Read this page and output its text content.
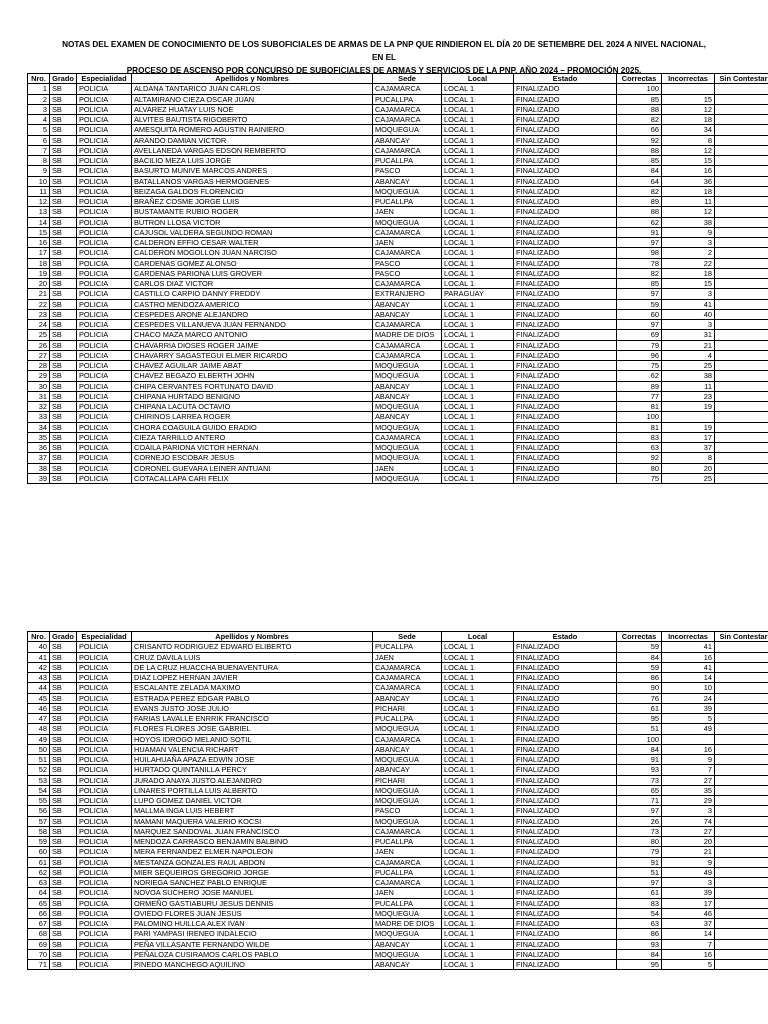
NOTAS DEL EXAMEN DE CONOCIMIENTO DE LOS SUBOFICIALES DE ARMAS DE LA PNP QUE RINDIERON EL DÍA 20 DE SETIEMBRE DEL 2024 A NIVEL NACIONAL, EN EL
PROCESO DE ASCENSO POR CONCURSO DE SUBOFICIALES DE ARMAS Y SERVICIOS DE LA PNP, AÑO 2024 – PROMOCIÓN 2025.
Nro.	Grado	Especialidad	Apellidos y Nombres	Sede	Local	Estado	Correctas	Incorrectas	Sin Contestar
1	SB	POLICIA	ALDANA TANTARICO JUAN CARLOS	CAJAMARCA	LOCAL 1	FINALIZADO	100		
2	SB	POLICIA	ALTAMIRANO CIEZA OSCAR JUAN	PUCALLPA	LOCAL 1	FINALIZADO	85	15	
3	SB	POLICIA	ALVAREZ HUATAY LUIS NOE	CAJAMARCA	LOCAL 1	FINALIZADO	88	12	
4	SB	POLICIA	ALVITES BAUTISTA RIGOBERTO	CAJAMARCA	LOCAL 1	FINALIZADO	82	18	
5	SB	POLICIA	AMESQUITA ROMERO AGUSTIN RAINIERO	MOQUEGUA	LOCAL 1	FINALIZADO	66	34	
6	SB	POLICIA	ARANDO DAMIAN VICTOR	ABANCAY	LOCAL 1	FINALIZADO	92	8	
7	SB	POLICIA	AVELLANEDA VARGAS EDSON REMBERTO	CAJAMARCA	LOCAL 1	FINALIZADO	88	12	
8	SB	POLICIA	BACILIO MEZA LUIS JORGE	PUCALLPA	LOCAL 1	FINALIZADO	85	15	
9	SB	POLICIA	BASURTO MUNIVE MARCOS ANDRES	PASCO	LOCAL 1	FINALIZADO	84	16	
10	SB	POLICIA	BATALLANOS VARGAS HERMOGENES	ABANCAY	LOCAL 1	FINALIZADO	64	36	
11	SB	POLICIA	BEIZAGA GALDOS FLORENCIO	MOQUEGUA	LOCAL 1	FINALIZADO	82	18	
12	SB	POLICIA	BRAÑEZ COSME JORGE LUIS	PUCALLPA	LOCAL 1	FINALIZADO	89	11	
13	SB	POLICIA	BUSTAMANTE RUBIO ROGER	JAEN	LOCAL 1	FINALIZADO	88	12	
14	SB	POLICIA	BUTRON LLOSA VICTOR	MOQUEGUA	LOCAL 1	FINALIZADO	62	38	
15	SB	POLICIA	CAJUSOL VALDERA SEGUNDO ROMAN	CAJAMARCA	LOCAL 1	FINALIZADO	91	9	
16	SB	POLICIA	CALDERON EFFIO CESAR WALTER	JAEN	LOCAL 1	FINALIZADO	97	3	
17	SB	POLICIA	CALDERON MOGOLLON JUAN NARCISO	CAJAMARCA	LOCAL 1	FINALIZADO	98	2	
18	SB	POLICIA	CARDENAS GOMEZ ALONSO	PASCO	LOCAL 1	FINALIZADO	78	22	
19	SB	POLICIA	CARDENAS PARIONA LUIS GROVER	PASCO	LOCAL 1	FINALIZADO	82	18	
20	SB	POLICIA	CARLOS DIAZ VICTOR	CAJAMARCA	LOCAL 1	FINALIZADO	85	15	
21	SB	POLICIA	CASTILLO CARPIO DANNY FREDDY	EXTRANJERO	PARAGUAY	FINALIZADO	97	3	
22	SB	POLICIA	CASTRO MENDOZA AMERICO	ABANCAY	LOCAL 1	FINALIZADO	59	41	
23	SB	POLICIA	CESPEDES ARONE ALEJANDRO	ABANCAY	LOCAL 1	FINALIZADO	60	40	
24	SB	POLICIA	CESPEDES VILLANUEVA JUAN FERNANDO	CAJAMARCA	LOCAL 1	FINALIZADO	97	3	
25	SB	POLICIA	CHACO MAZA MARCO ANTONIO	MADRE DE DIOS	LOCAL 1	FINALIZADO	69	31	
26	SB	POLICIA	CHAVARRIA DIOSES ROGER JAIME	CAJAMARCA	LOCAL 1	FINALIZADO	79	21	
27	SB	POLICIA	CHAVARRY SAGASTEGUI ELMER RICARDO	CAJAMARCA	LOCAL 1	FINALIZADO	96	4	
28	SB	POLICIA	CHAVEZ AGUILAR JAIME ABAT	MOQUEGUA	LOCAL 1	FINALIZADO	75	25	
29	SB	POLICIA	CHAVEZ BEGAZO ELBERTH JOHN	MOQUEGUA	LOCAL 1	FINALIZADO	62	38	
30	SB	POLICIA	CHIPA CERVANTES FORTUNATO DAVID	ABANCAY	LOCAL 1	FINALIZADO	89	11	
31	SB	POLICIA	CHIPANA HURTADO BENIGNO	ABANCAY	LOCAL 1	FINALIZADO	77	23	
32	SB	POLICIA	CHIPANA LACUTA OCTAVIO	MOQUEGUA	LOCAL 1	FINALIZADO	81	19	
33	SB	POLICIA	CHIRINOS LARREA ROGER	ABANCAY	LOCAL 1	FINALIZADO	100		
34	SB	POLICIA	CHORA COAGUILA GUIDO ERADIO	MOQUEGUA	LOCAL 1	FINALIZADO	81	19	
35	SB	POLICIA	CIEZA TARRILLO ANTERO	CAJAMARCA	LOCAL 1	FINALIZADO	83	17	
36	SB	POLICIA	COAILA PARIONA VICTOR HERNAN	MOQUEGUA	LOCAL 1	FINALIZADO	63	37	
37	SB	POLICIA	CORNEJO ESCOBAR JESUS	MOQUEGUA	LOCAL 1	FINALIZADO	92	8	
38	SB	POLICIA	CORONEL GUEVARA LEINER ANTUANI	JAEN	LOCAL 1	FINALIZADO	80	20	
39	SB	POLICIA	COTACALLAPA CARI FELIX	MOQUEGUA	LOCAL 1	FINALIZADO	75	25	
Nro.	Grado	Especialidad	Apellidos y Nombres	Sede	Local	Estado	Correctas	Incorrectas	Sin Contestar
40	SB	POLICIA	CRISANTO RODRIGUEZ EDWARD ELIBERTO	PUCALLPA	LOCAL 1	FINALIZADO	59	41	
41	SB	POLICIA	CRUZ DAVILA LUIS	JAEN	LOCAL 1	FINALIZADO	84	16	
42	SB	POLICIA	DE LA CRUZ HUACCHA BUENAVENTURA	CAJAMARCA	LOCAL 1	FINALIZADO	59	41	
43	SB	POLICIA	DIAZ LOPEZ HERNAN JAVIER	CAJAMARCA	LOCAL 1	FINALIZADO	86	14	
44	SB	POLICIA	ESCALANTE ZELADA MAXIMO	CAJAMARCA	LOCAL 1	FINALIZADO	90	10	
45	SB	POLICIA	ESTRADA PEREZ EDGAR PABLO	ABANCAY	LOCAL 1	FINALIZADO	76	24	
46	SB	POLICIA	EVANS JUSTO JOSE JULIO	PICHARI	LOCAL 1	FINALIZADO	61	39	
47	SB	POLICIA	FARIAS LAVALLE ENRRIK FRANCISCO	PUCALLPA	LOCAL 1	FINALIZADO	95	5	
48	SB	POLICIA	FLORES FLORES JOSE GABRIEL	MOQUEGUA	LOCAL 1	FINALIZADO	51	49	
49	SB	POLICIA	HOYOS IDROGO MELANIO SOTIL	CAJAMARCA	LOCAL 1	FINALIZADO	100		
50	SB	POLICIA	HUAMAN VALENCIA RICHART	ABANCAY	LOCAL 1	FINALIZADO	84	16	
51	SB	POLICIA	HUILAHUAÑA APAZA EDWIN JOSE	MOQUEGUA	LOCAL 1	FINALIZADO	91	9	
52	SB	POLICIA	HURTADO QUINTANILLA PERCY	ABANCAY	LOCAL 1	FINALIZADO	93	7	
53	SB	POLICIA	JURADO ANAYA JUSTO ALEJANDRO	PICHARI	LOCAL 1	FINALIZADO	73	27	
54	SB	POLICIA	LINARES PORTILLA LUIS ALBERTO	MOQUEGUA	LOCAL 1	FINALIZADO	65	35	
55	SB	POLICIA	LUPO GOMEZ DANIEL VICTOR	MOQUEGUA	LOCAL 1	FINALIZADO	71	29	
56	SB	POLICIA	MALLMA INGA LUIS HEBERT	PASCO	LOCAL 1	FINALIZADO	97	3	
57	SB	POLICIA	MAMANI MAQUERA VALERIO KOCSI	MOQUEGUA	LOCAL 1	FINALIZADO	26	74	
58	SB	POLICIA	MARQUEZ SANDOVAL JUAN FRANCISCO	CAJAMARCA	LOCAL 1	FINALIZADO	73	27	
59	SB	POLICIA	MENDOZA CARRASCO BENJAMIN BALBINO	PUCALLPA	LOCAL 1	FINALIZADO	80	20	
60	SB	POLICIA	MERA FERNANDEZ ELMER NAPOLEON	JAEN	LOCAL 1	FINALIZADO	79	21	
61	SB	POLICIA	MESTANZA GONZALES RAUL ABDON	CAJAMARCA	LOCAL 1	FINALIZADO	91	9	
62	SB	POLICIA	MIER SEQUEIROS GREGORIO JORGE	PUCALLPA	LOCAL 1	FINALIZADO	51	49	
63	SB	POLICIA	NORIEGA SANCHEZ PABLO ENRIQUE	CAJAMARCA	LOCAL 1	FINALIZADO	97	3	
64	SB	POLICIA	NOVOA SUCHERO JOSE MANUEL	JAEN	LOCAL 1	FINALIZADO	61	39	
65	SB	POLICIA	ORMEÑO GASTIABURU JESUS DENNIS	PUCALLPA	LOCAL 1	FINALIZADO	83	17	
66	SB	POLICIA	OVIEDO FLORES JUAN JESUS	MOQUEGUA	LOCAL 1	FINALIZADO	54	46	
67	SB	POLICIA	PALOMINO HUILLCA ALEX IVAN	MADRE DE DIOS	LOCAL 1	FINALIZADO	63	37	
68	SB	POLICIA	PARI YAMPASI IRENEO INDALECIO	MOQUEGUA	LOCAL 1	FINALIZADO	86	14	
69	SB	POLICIA	PEÑA VILLASANTE FERNANDO WILDE	ABANCAY	LOCAL 1	FINALIZADO	93	7	
70	SB	POLICIA	PEÑALOZA CUSIRAMOS CARLOS PABLO	MOQUEGUA	LOCAL 1	FINALIZADO	84	16	
71	SB	POLICIA	PINEDO MANCHEGO AQUILINO	ABANCAY	LOCAL 1	FINALIZADO	95	5	
